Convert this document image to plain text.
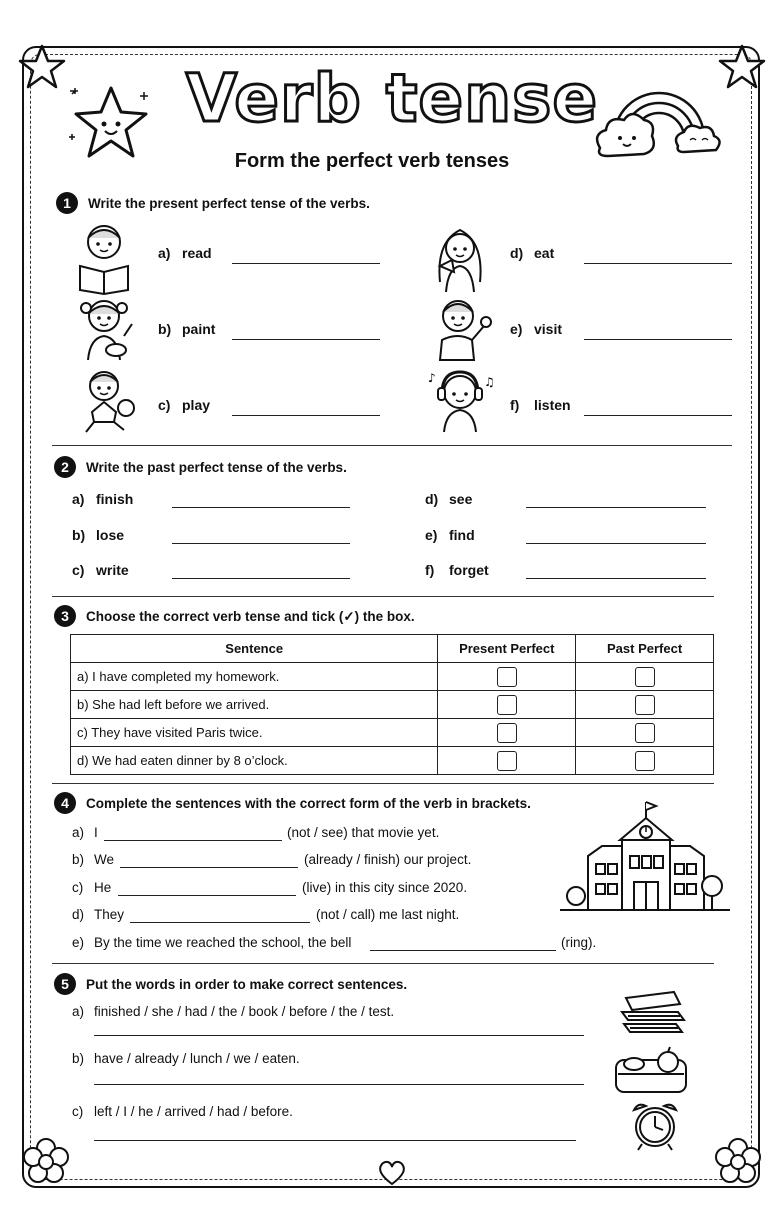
Verb tense
Form the perfect verb tenses
1	Write the present perfect tense of the verbs.
♪	♫
a) read
b) paint
c) play
d) eat
e) visit
f) listen
2	Write the past perfect tense of the verbs.
a) finish
b) lose
c) write
d) see
e) find
f) forget
3	Choose the correct verb tense and tick (✓) the box.
Sentence	Present Perfect	Past Perfect
a) I have completed my homework.	

b) She had left before we arrived.	

c) They have visited Paris twice.	

d) We had eaten dinner by 8 o’clock.	

4	Complete the sentences with the correct form of the verb in brackets.
a) I	(not / see) that movie yet.
b) We	(already / finish) our project.
c) He	(live) in this city since 2020.
d) They	(not / call) me last night.
e) By the time we reached the school, the bell	(ring).
5	Put the words in order to make correct sentences.
a) finished / she / had / the / book / before / the / test.
b) have / already / lunch / we / eaten.
c) left / I / he / arrived / had / before.
